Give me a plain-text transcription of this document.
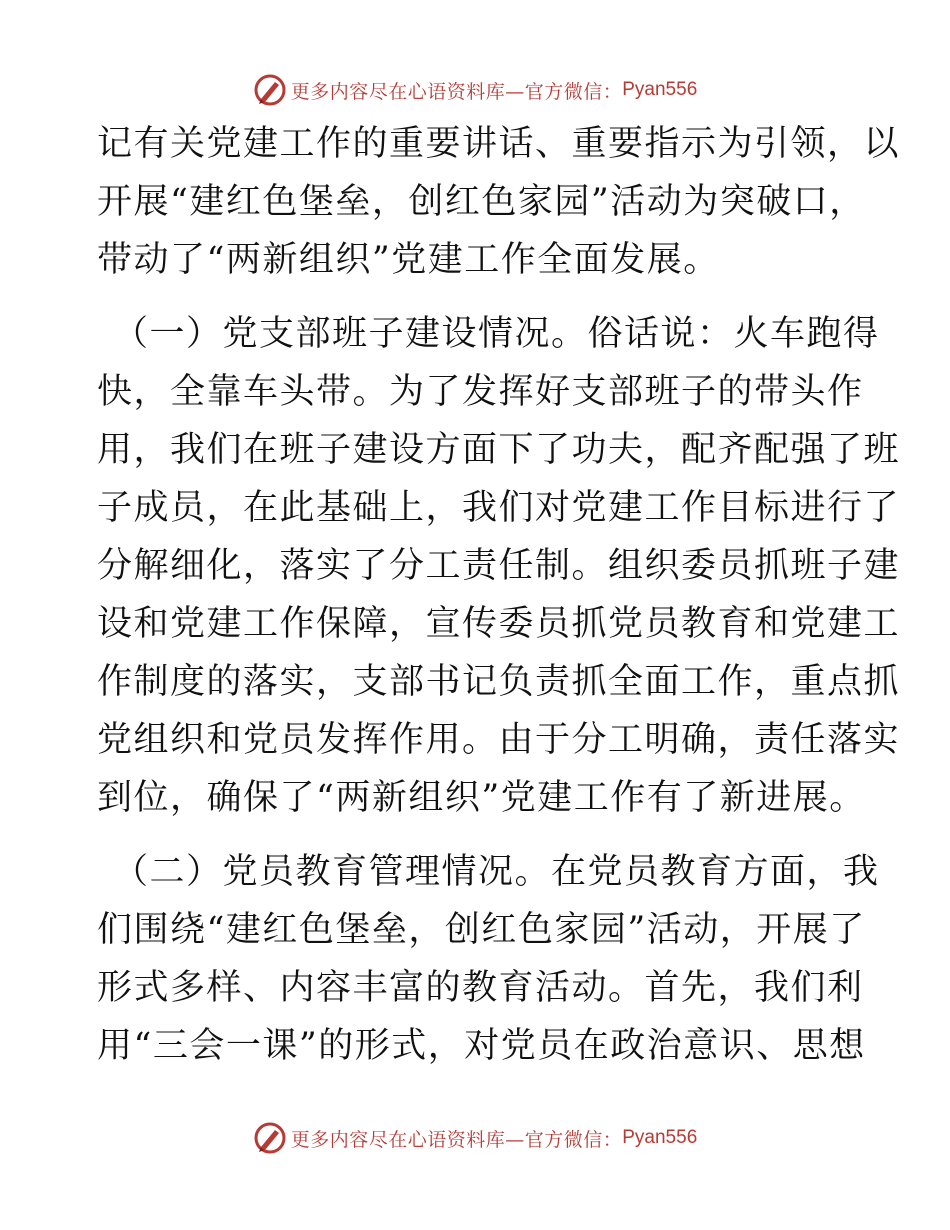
更多内容尽在心语资料库—官方微信： Pyan556
记有关党建工作的重要讲话、重要指示为引领，以
开展“建红色堡垒，创红色家园”活动为突破口，
带动了“两新组织”党建工作全面发展。
（一）党支部班子建设情况。俗话说：火车跑得
快，全靠车头带。为了发挥好支部班子的带头作
用，我们在班子建设方面下了功夫，配齐配强了班
子成员，在此基础上，我们对党建工作目标进行了
分解细化，落实了分工责任制。组织委员抓班子建
设和党建工作保障，宣传委员抓党员教育和党建工
作制度的落实，支部书记负责抓全面工作，重点抓
党组织和党员发挥作用。由于分工明确，责任落实
到位，确保了“两新组织”党建工作有了新进展。
（二）党员教育管理情况。在党员教育方面，我
们围绕“建红色堡垒，创红色家园”活动，开展了
形式多样、内容丰富的教育活动。首先，我们利
用“三会一课”的形式，对党员在政治意识、思想
更多内容尽在心语资料库—官方微信： Pyan556
